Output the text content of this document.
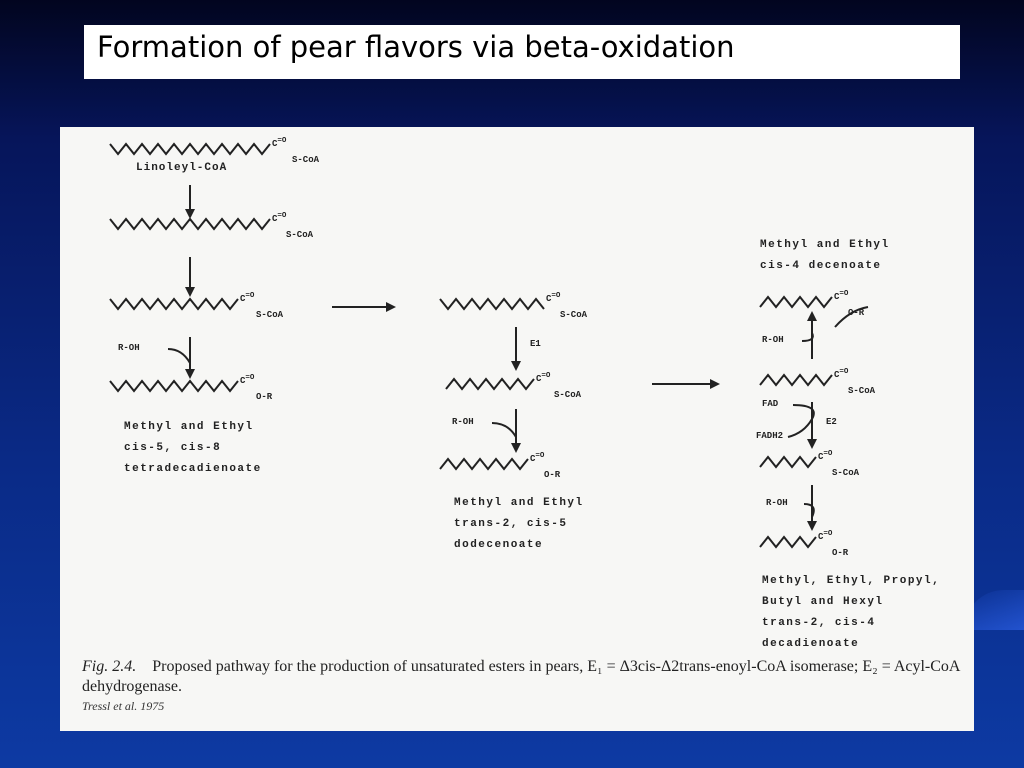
Formation of pear flavors via beta-oxidation
$C^{=O}$
S-CoA
$C^{=O}$
S-CoA
$C^{=O}$
S-CoA
$C^{=O}$
O-R
$C^{=O}$
S-CoA
$C^{=O}$
S-CoA
$C^{=O}$
O-R
$C^{=O}$
O-R
$C^{=O}$
S-CoA
$C^{=O}$
S-CoA
$C^{=O}$
O-R
Linoleyl-CoA
R-OH
R-OH
R-OH
R-OH
E1
E2
FAD
FADH2
Methyl and Ethyl
cis-5, cis-8
tetradecadienoate
Methyl and Ethyl
trans-2, cis-5
dodecenoate
Methyl and Ethyl
cis-4 decenoate
Methyl, Ethyl, Propyl,
Butyl and Hexyl
trans-2, cis-4
decadienoate
Fig. 2.4. Proposed pathway for the production of unsaturated esters in pears, E₁ = Δ3cis-Δ2trans-enoyl-CoA isomerase; E₂ = Acyl-CoA dehydrogenase.
Tressl et al. 1975
